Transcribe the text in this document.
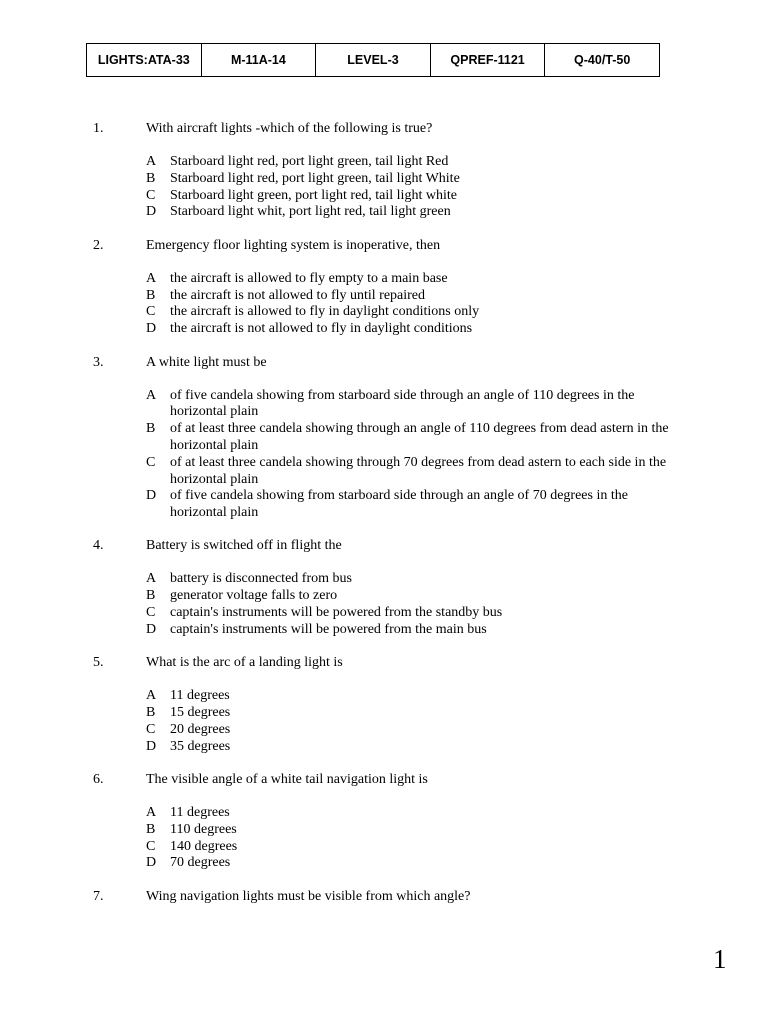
LIGHTS:ATA-33	M-11A-14	LEVEL-3	QPREF-1121	Q-40/T-50
1.	With aircraft lights -which of the following is true?
A Starboard light red, port light green, tail light Red
B Starboard light red, port light green, tail light White
C Starboard light green, port light red, tail light white
D Starboard light whit, port light red, tail light green
2.	Emergency floor lighting system is inoperative, then
A the aircraft is allowed to fly empty to a main base
B the aircraft is not allowed to fly until repaired
C the aircraft is allowed to fly in daylight conditions only
D the aircraft is not allowed to fly in daylight conditions
3.	A white light must be
A of five candela showing from starboard side through an angle of 110 degrees in the horizontal plain
B of at least three candela showing through an angle of 110 degrees from dead astern in the horizontal plain
C of at least three candela showing through 70 degrees from dead astern to each side in the horizontal plain
D of five candela showing from starboard side through an angle of 70 degrees in the horizontal plain
4.	Battery is switched off in flight the
A battery is disconnected from bus
B generator voltage falls to zero
C captain's instruments will be powered from the standby bus
D captain's instruments will be powered from the main bus
5.	What is the arc of a landing light is
A 11 degrees
B 15 degrees
C 20 degrees
D 35 degrees
6.	The visible angle of a white tail navigation light is
A 11 degrees
B 110 degrees
C 140 degrees
D 70 degrees
7.	Wing navigation lights must be visible from which angle?
1
